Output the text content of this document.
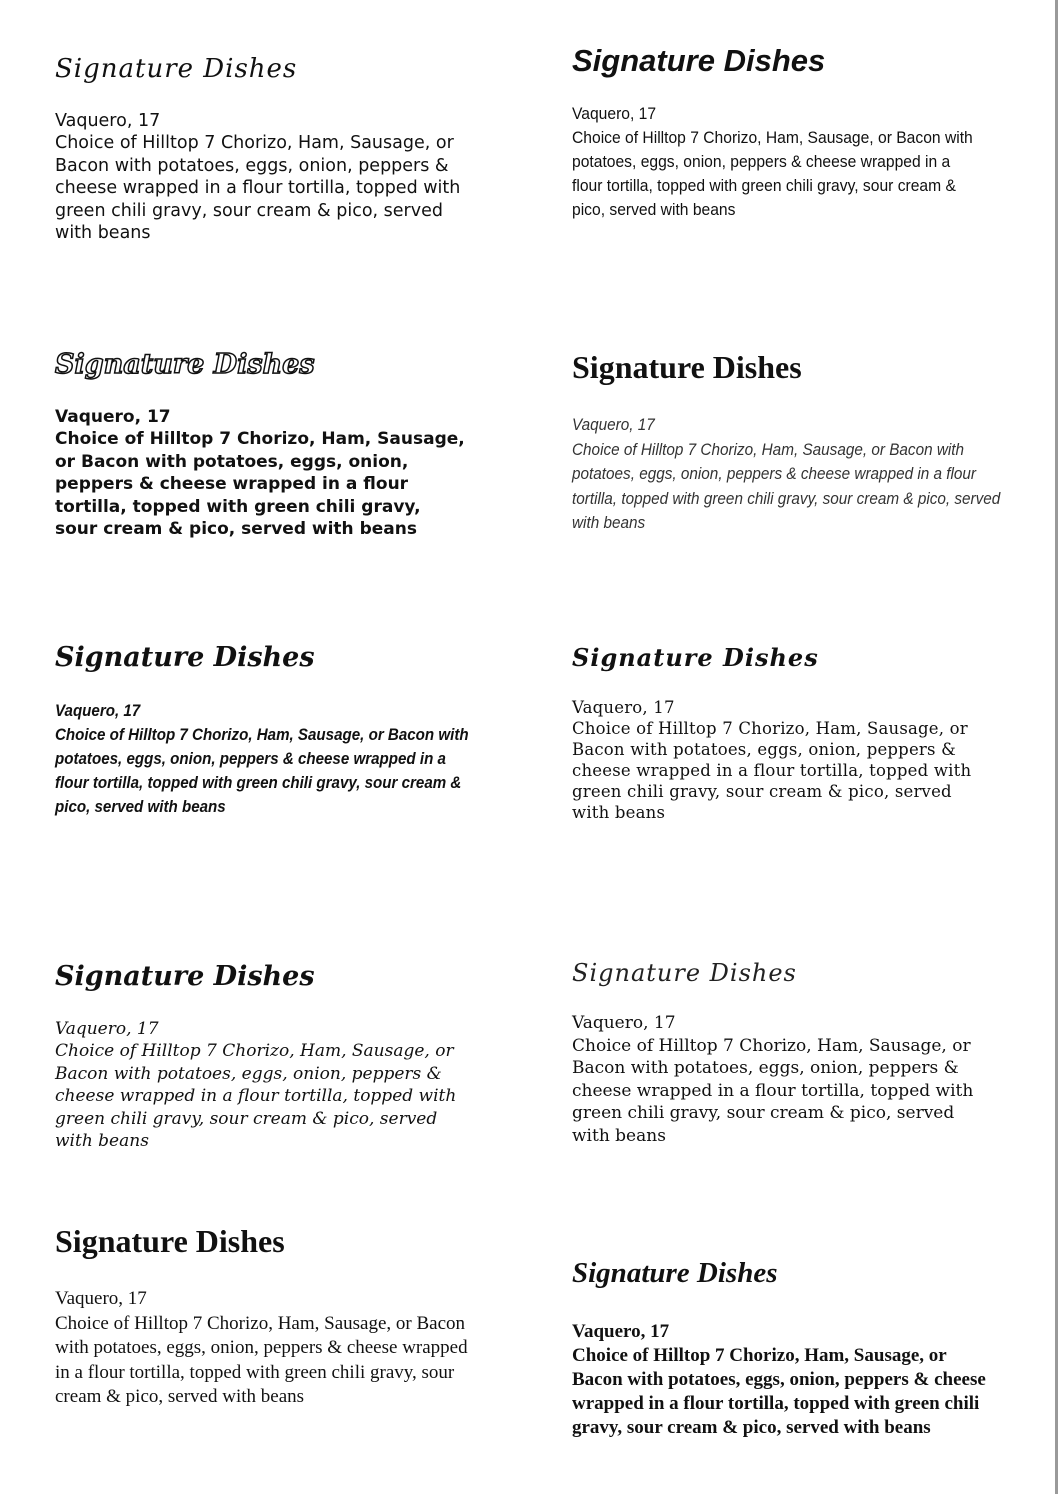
Signature Dishes
Vaquero, 17
Choice of Hilltop 7 Chorizo, Ham, Sausage, or Bacon with potatoes, eggs, onion, peppers & cheese wrapped in a flour tortilla, topped with green chili gravy, sour cream & pico, served with beans
Signature Dishes
Vaquero, 17
Choice of Hilltop 7 Chorizo, Ham, Sausage, or Bacon with potatoes, eggs, onion, peppers & cheese wrapped in a flour tortilla, topped with green chili gravy, sour cream & pico, served with beans
Signature Dishes
Vaquero, 17
Choice of Hilltop 7 Chorizo, Ham, Sausage, or Bacon with potatoes, eggs, onion, peppers & cheese wrapped in a flour tortilla, topped with green chili gravy, sour cream & pico, served with beans
Signature Dishes
Vaquero, 17
Choice of Hilltop 7 Chorizo, Ham, Sausage, or Bacon with potatoes, eggs, onion, peppers & cheese wrapped in a flour tortilla, topped with green chili gravy, sour cream & pico, served with beans
Signature Dishes
Vaquero, 17
Choice of Hilltop 7 Chorizo, Ham, Sausage, or Bacon with potatoes, eggs, onion, peppers & cheese wrapped in a flour tortilla, topped with green chili gravy, sour cream & pico, served with beans
Signature Dishes
Vaquero, 17
Choice of Hilltop 7 Chorizo, Ham, Sausage, or Bacon with potatoes, eggs, onion, peppers & cheese wrapped in a flour tortilla, topped with green chili gravy, sour cream & pico, served with beans
Signature Dishes
Vaquero, 17
Choice of Hilltop 7 Chorizo, Ham, Sausage, or Bacon with potatoes, eggs, onion, peppers & cheese wrapped in a flour tortilla, topped with green chili gravy, sour cream & pico, served with beans
Signature Dishes
Vaquero, 17
Choice of Hilltop 7 Chorizo, Ham, Sausage, or Bacon with potatoes, eggs, onion, peppers & cheese wrapped in a flour tortilla, topped with green chili gravy, sour cream & pico, served with beans
Signature Dishes
Vaquero, 17
Choice of Hilltop 7 Chorizo, Ham, Sausage, or Bacon with potatoes, eggs, onion, peppers & cheese wrapped in a flour tortilla, topped with green chili gravy, sour cream & pico, served with beans
Signature Dishes
Vaquero, 17
Choice of Hilltop 7 Chorizo, Ham, Sausage, or Bacon with potatoes, eggs, onion, peppers & cheese wrapped in a flour tortilla, topped with green chili gravy, sour cream & pico, served with beans
